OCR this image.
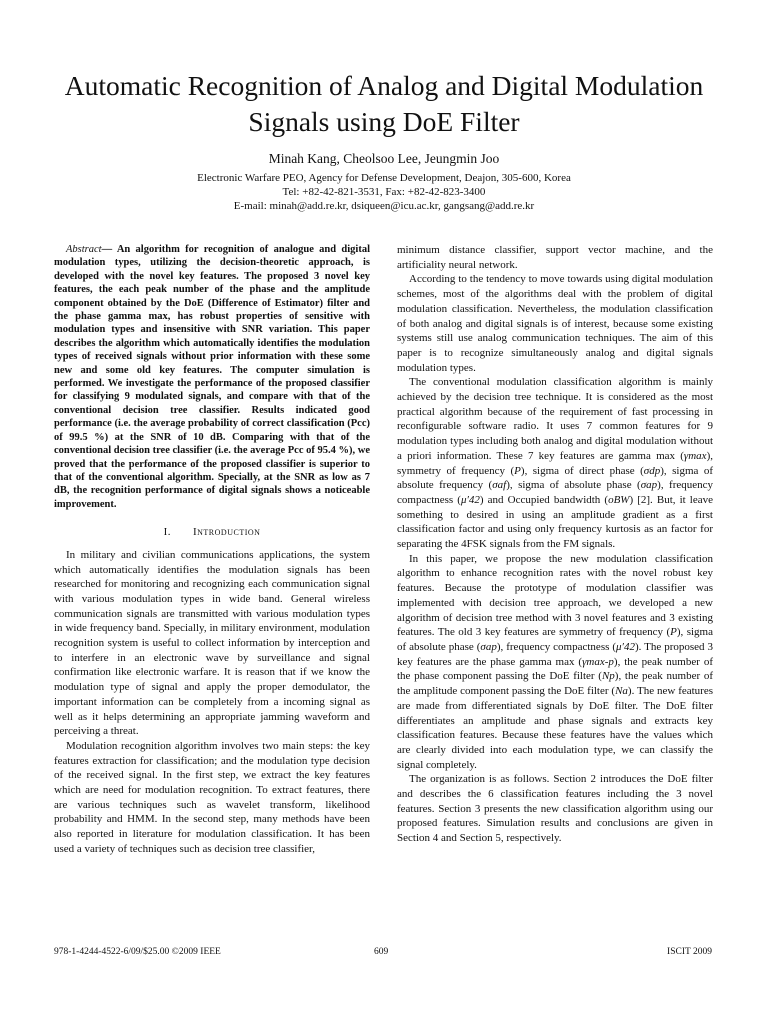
Automatic Recognition of Analog and Digital Modulation Signals using DoE Filter
Minah Kang, Cheolsoo Lee, Jeungmin Joo
Electronic Warfare PEO, Agency for Defense Development, Deajon, 305-600, Korea
Tel: +82-42-821-3531, Fax: +82-42-823-3400
E-mail: minah@add.re.kr, dsiqueen@icu.ac.kr, gangsang@add.re.kr

Abstract— An algorithm for recognition of analogue and digital modulation types, utilizing the decision-theoretic approach, is developed with the novel key features. The proposed 3 novel key features, the each peak number of the phase and the amplitude component obtained by the DoE (Difference of Estimator) filter and the phase gamma max, has robust properties of sensitive with modulation types and insensitive with SNR variation. This paper describes the algorithm which automatically identifies the modulation types of received signals without prior information with these some new and some old key features. The computer simulation is performed. We investigate the performance of the proposed classifier for classifying 9 modulated signals, and compare with that of the conventional decision tree classifier. Results indicated good performance (i.e. the average probability of correct classification (Pcc) of 99.5 %) at the SNR of 10 dB. Comparing with that of the conventional decision tree classifier (i.e. the average Pcc of 95.4 %), we proved that the performance of the proposed classifier is superior to that of the conventional algorithm. Specially, at the SNR as low as 7 dB, the recognition performance of digital signals shows a noticeable improvement.

I. Introduction

In military and civilian communications applications, the system which automatically identifies the modulation signals has been researched for monitoring and recognizing each communication signal with various modulation types in wide band. General wireless communication signals are transmitted with various modulation types in wide frequency band. Specially, in military environment, modulation recognition system is useful to collect information by interception and to interfere in an electronic wave by surveillance and signal confirmation like electronic warfare. It is reason that if we know the modulation type of signal and apply the proper demodulator, the important information can be completely from a incoming signal as well as it helps determining an appropriate jamming waveform and perceiving a threat.

Modulation recognition algorithm involves two main steps: the key features extraction for classification; and the modulation type decision of the received signal. In the first step, we extract the key features which are need for modulation recognition. To extract features, there are various techniques such as wavelet transform, likelihood probability and HMM. In the second step, many methods have been also reported in literature for modulation classification. It has been used a variety of techniques such as decision tree classifier,

minimum distance classifier, support vector machine, and the artificiality neural network.

According to the tendency to move towards using digital modulation schemes, most of the algorithms deal with the problem of digital modulation classification. Nevertheless, the modulation classification of both analog and digital signals is of interest, because some existing systems still use analog communication techniques. The aim of this paper is to recognize simultaneously analog and digital signals modulation types.

The conventional modulation classification algorithm is mainly achieved by the decision tree technique. It is considered as the most practical algorithm because of the requirement of fast processing in reconfigurable software radio. It uses 7 common features for 9 modulation types including both analog and digital modulation without a priori information. These 7 key features are gamma max (γmax), symmetry of frequency (P), sigma of direct phase (σdp), sigma of absolute frequency (σaf), sigma of absolute phase (σap), frequency compactness (μ′42) and Occupied bandwidth (oBW) [2]. But, it leave something to desired in using an amplitude gradient as a first classification factor and using only frequency kurtosis as an factor for separating the 4FSK signals from the FM signals.

In this paper, we propose the new modulation classification algorithm to enhance recognition rates with the novel robust key features. Because the prototype of modulation classifier was implemented with decision tree approach, we developed a new algorithm of decision tree method with 3 novel features and 3 existing features. The old 3 key features are symmetry of frequency (P), sigma of absolute phase (σap), frequency compactness (μ′42). The proposed 3 key features are the phase gamma max (γmax-p), the peak number of the phase component passing the DoE filter (Np), the peak number of the amplitude component passing the DoE filter (Na). The new features are made from differentiated signals by DoE filter. The DoE filter differentiates an amplitude and phase signals and extracts key classification features. Because these features have the values which are clearly divided into each modulation type, we can classify the signal completely.

The organization is as follows. Section 2 introduces the DoE filter and describes the 6 classification features including the 3 novel features. Section 3 presents the new classification algorithm using our proposed features. Simulation results and conclusions are given in Section 4 and Section 5, respectively.

978-1-4244-4522-6/09/$25.00 ©2009 IEEE	609	ISCIT 2009
